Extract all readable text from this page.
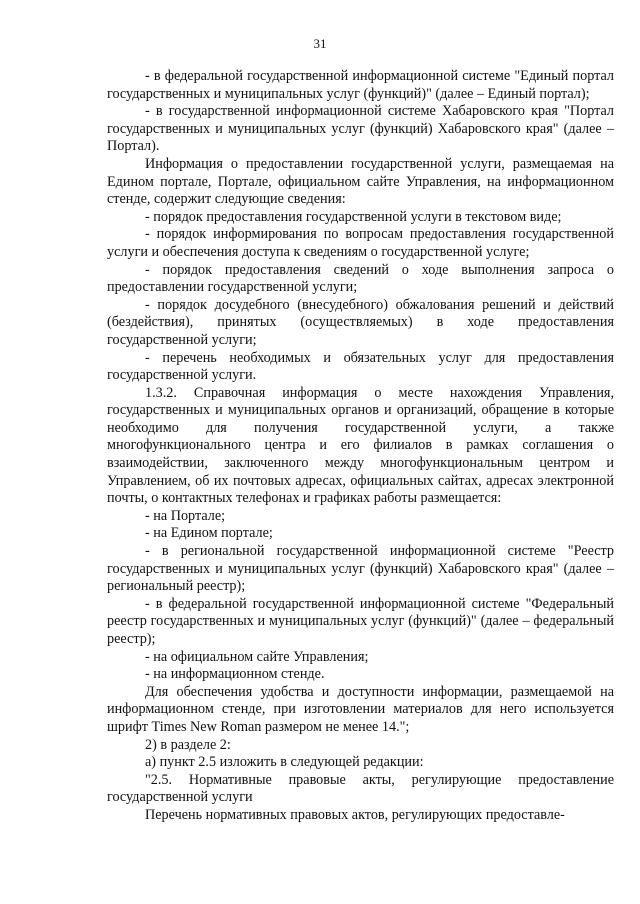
31

- в федеральной государственной информационной системе "Единый портал государственных и муниципальных услуг (функций)" (далее – Единый портал);

- в государственной информационной системе Хабаровского края "Портал государственных и муниципальных услуг (функций) Хабаровского края" (далее – Портал).

Информация о предоставлении государственной услуги, размещаемая на Едином портале, Портале, официальном сайте Управления, на информационном стенде, содержит следующие сведения:

- порядок предоставления государственной услуги в текстовом виде;

- порядок информирования по вопросам предоставления государственной услуги и обеспечения доступа к сведениям о государственной услуге;

- порядок предоставления сведений о ходе выполнения запроса о предоставлении государственной услуги;

- порядок досудебного (внесудебного) обжалования решений и действий (бездействия), принятых (осуществляемых) в ходе предоставления государственной услуги;

- перечень необходимых и обязательных услуг для предоставления государственной услуги.

1.3.2. Справочная информация о месте нахождения Управления, государственных и муниципальных органов и организаций, обращение в которые необходимо для получения государственной услуги, а также многофункционального центра и его филиалов в рамках соглашения о взаимодействии, заключенного между многофункциональным центром и Управлением, об их почтовых адресах, официальных сайтах, адресах электронной почты, о контактных телефонах и графиках работы размещается:

- на Портале;

- на Едином портале;

- в региональной государственной информационной системе "Реестр государственных и муниципальных услуг (функций) Хабаровского края" (далее – региональный реестр);

- в федеральной государственной информационной системе "Федеральный реестр государственных и муниципальных услуг (функций)" (далее – федеральный реестр);

- на официальном сайте Управления;

- на информационном стенде.

Для обеспечения удобства и доступности информации, размещаемой на информационном стенде, при изготовлении материалов для него используется шрифт Times New Roman размером не менее 14.";

2) в разделе 2:

а) пункт 2.5 изложить в следующей редакции:

"2.5. Нормативные правовые акты, регулирующие предоставление государственной услуги

Перечень нормативных правовых актов, регулирующих предоставле-
